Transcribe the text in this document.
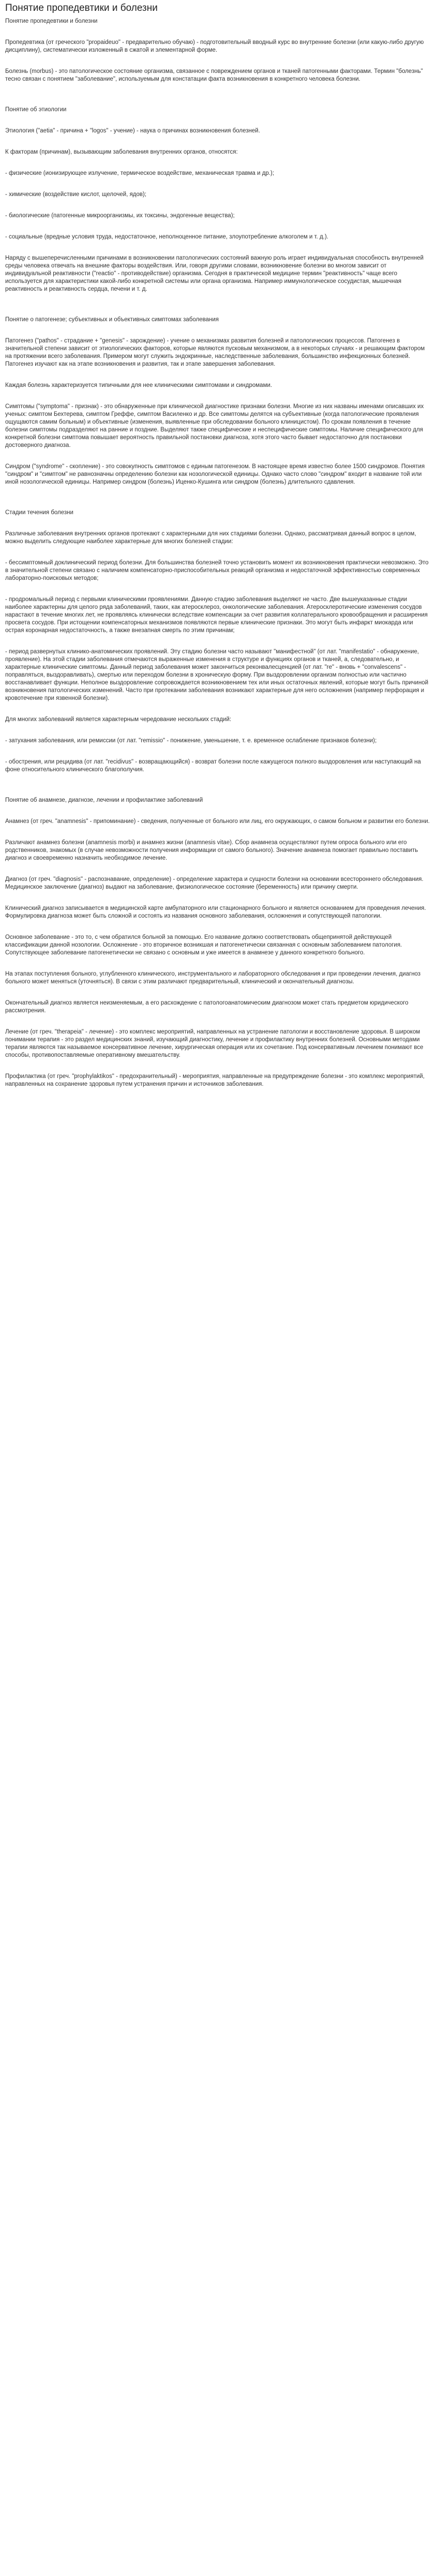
Понятие пропедевтики и болезни
Понятие пропедевтики и болезни

Пропедевтика (от греческого "propaideuo" - предварительно обучаю) - подготовительный вводный курс во внутренние болезни (или какую-либо другую дисциплину), систематически изложенный в сжатой и элементарной форме.

Болезнь (morbus) - это патологическое состояние организма, связанное с повреждением органов и тканей патогенными факторами. Термин "болезнь" тесно связан с понятием "заболевание", используемым для констатации факта возникновения в конкретного человека болезни.

Понятие об этиологии

Этиология ("aetia" - причина + "logos" - учение) - наука о причинах возникновения болезней.

К факторам (причинам), вызывающим заболевания внутренних органов, относятся:

- физические (ионизирующее излучение, термическое воздействие, механическая травма и др.);

- химические (воздействие кислот, щелочей, ядов);

- биологические (патогенные микроорганизмы, их токсины, эндогенные вещества);

- социальные (вредные условия труда, недостаточное, неполноценное питание, злоупотребление алкоголем и т. д.).

Наряду с вышеперечисленными причинами в возникновении патологических состояний важную роль играет индивидуальная способность внутренней среды человека отвечать на внешние факторы воздействия. Или, говоря другими словами, возникновение болезни во многом зависит от индивидуальной реактивности ("reactio" - противодействие) организма. Сегодня в практической медицине термин "реактивность" чаще всего используется для характеристики какой-либо конкретной системы или органа организма. Например иммунологическое сосудистая, мышечная реактивность и реактивность сердца, печени и т. д.

Понятие о патогенезе; субъективных и объективных симптомах заболевания

Патогенез ("pathos" - страдание + "genesis" - зарождение) - учение о механизмах развития болезней и патологических процессов. Патогенез в значительной степени зависит от этиологических факторов, которые являются пусковым механизмом, а в некоторых случаях - и решающим фактором на протяжении всего заболевания. Примером могут служить эндокринные, наследственные заболевания, большинство инфекционных болезней. Патогенез изучают как на этапе возникновения и развития, так и этапе завершения заболевания.

Каждая болезнь характеризуется типичными для нее клиническими симптомами и синдромами.

Симптомы ("symptoma" - признак) - это обнаруженные при клинической диагностике признаки болезни. Многие из них названы именами описавших их ученых: симптом Бехтерева, симптом Греффе, симптом Василенко и др. Все симптомы делятся на субъективные (когда патологические проявления ощущаются самим больным) и объективные (изменения, выявленные при обследовании больного клиницистом). По срокам появления в течение болезни симптомы подразделяют на ранние и поздние. Выделяют также специфические и неспецифические симптомы. Наличие специфического для конкретной болезни симптома повышает вероятность правильной постановки диагноза, хотя этого часто бывает недостаточно для постановки достоверного диагноза.

Синдром ("syndrome" - скопление) - это совокупность симптомов с единым патогенезом. В настоящее время известно более 1500 синдромов. Понятия "синдром" и "симптом" не равнозначны определению болезни как нозологической единицы. Однако часто слово "синдром" входит в название той или иной нозологической единицы. Например синдром (болезнь) Иценко-Кушинга или синдром (болезнь) длительного сдавления.

Стадии течения болезни

Различные заболевания внутренних органов протекают с характерными для них стадиями болезни. Однако, рассматривая данный вопрос в целом, можно выделить следующие наиболее характерные для многих болезней стадии:

- бессимптомный доклинический период болезни. Для большинства болезней точно установить момент их возникновения практически невозможно. Это в значительной степени связано с наличием компенсаторно-приспособительных реакций организма и недостаточной эффективностью современных лабораторно-поисковых методов;

- продромальный период с первыми клиническими проявлениями. Данную стадию заболевания выделяют не часто. Две вышеуказанные стадии наиболее характерны для целого ряда заболеваний, таких, как атеросклероз, онкологические заболевания. Атеросклеротические изменения сосудов нарастают в течение многих лет, не проявляясь клинически вследствие компенсации за счет развития коллатерального кровообращения и расширения просвета сосудов. При истощении компенсаторных механизмов появляются первые клинические признаки. Это могут быть инфаркт миокарда или острая коронарная недостаточность, а также внезапная смерть по этим причинам;

- период развернутых клинико-анатомических проявлений. Эту стадию болезни часто называют "манифестной" (от лат. "manifestatio" - обнаружение, проявление). На этой стадии заболевания отмечаются выраженные изменения в структуре и функциях органов и тканей, а, следовательно, и характерные клинические симптомы. Данный период заболевания может закончиться реконвалесценцией (от лат. "re" - вновь + "convalescens" - поправляться, выздоравливать), смертью или переходом болезни в хроническую форму. При выздоровлении организм полностью или частично восстанавливает функции. Неполное выздоровление сопровождается возникновением тех или иных остаточных явлений, которые могут быть причиной возникновения патологических изменений. Часто при протекании заболевания возникают характерные для него осложнения (например перфорация и кровотечение при язвенной болезни).

Для многих заболеваний является характерным чередование нескольких стадий:

- затухания заболевания, или ремиссии (от лат. "remissio" - понижение, уменьшение, т. е. временное ослабление признаков болезни);

- обострения, или рецидива (от лат. "recidivus" - возвращающийся) - возврат болезни после кажущегося полного выздоровления или наступающий на фоне относительного клинического благополучия.

Понятие об анамнезе, диагнозе, лечении и профилактике заболеваний

Анамнез (от греч. "anamnesis" - припоминание) - сведения, полученные от больного или лиц, его окружающих, о самом больном и развитии его болезни.

Различают анамнез болезни (anamnesis morbi) и анамнез жизни (anamnesis vitae). Сбор анамнеза осуществляют путем опроса больного или его родственников, знакомых (в случае невозможности получения информации от самого больного). Значение анамнеза помогает правильно поставить диагноз и своевременно назначить необходимое лечение.

Диагноз (от греч. "diagnosis" - распознавание, определение) - определение характера и сущности болезни на основании всестороннего обследования. Медицинское заключение (диагноз) выдают на заболевание, физиологическое состояние (беременность) или причину смерти.

Клинический диагноз записывается в медицинской карте амбулаторного или стационарного больного и является основанием для проведения лечения. Формулировка диагноза может быть сложной и состоять из названия основного заболевания, осложнения и сопутствующей патологии.

Основное заболевание - это то, с чем обратился больной за помощью. Его название должно соответствовать общепринятой действующей классификации данной нозологии. Осложнение - это вторичное возникшая и патогенетически связанная с основным заболеванием патология. Сопутствующее заболевание патогенетически не связано с основным и уже имеется в анамнезе у данного конкретного больного.

На этапах поступления больного, углубленного клинического, инструментального и лабораторного обследования и при проведении лечения, диагноз больного может меняться (уточняться). В связи с этим различают предварительный, клинический и окончательный диагнозы.

Окончательный диагноз является неизменяемым, а его расхождение с патологоанатомическим диагнозом может стать предметом юридического рассмотрения.

Лечение (от греч. "therapeia" - лечение) - это комплекс мероприятий, направленных на устранение патологии и восстановление здоровья. В широком понимании терапия - это раздел медицинских знаний, изучающий диагностику, лечение и профилактику внутренних болезней. Основными методами терапии являются так называемое консервативное лечение, хирургическая операция или их сочетание. Под консервативным лечением понимают все способы, противопоставляемые оперативному вмешательству.

Профилактика (от греч. "prophylaktikos" - предохранительный) - мероприятия, направленные на предупреждение болезни - это комплекс мероприятий, направленных на сохранение здоровья путем устранения причин и источников заболевания.
